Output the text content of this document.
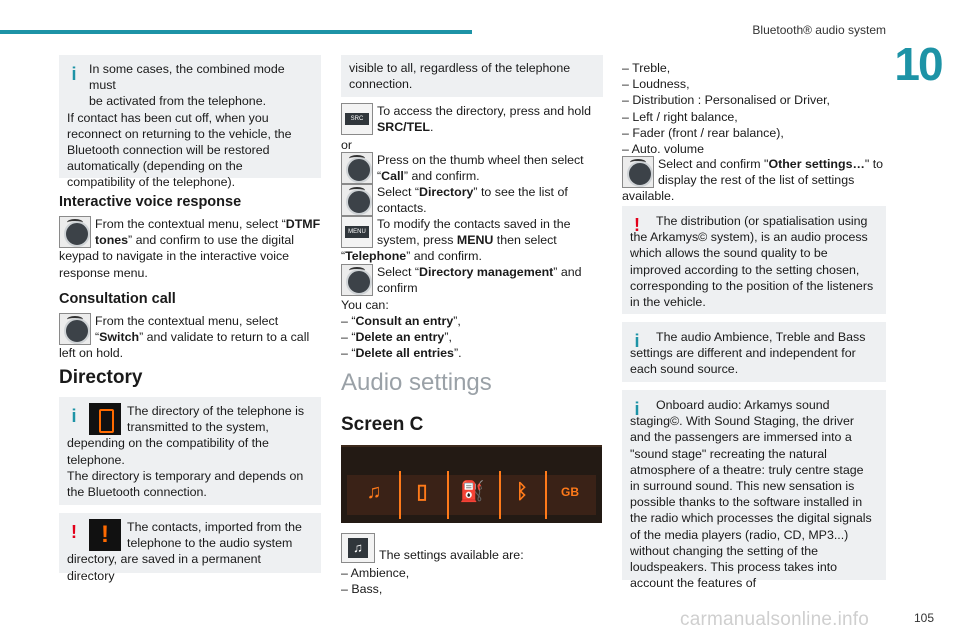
Bluetooth® audio system
10
i	In some cases, the combined mode must

be activated from the telephone.

If contact has been cut off, when you reconnect on returning to the vehicle, the Bluetooth connection will be restored automatically (depending on the compatibility of the telephone).

Interactive voice response
From the contextual menu, select “DTMF tones” and confirm to use the digital keypad to navigate in the interactive voice response menu.
Consultation call
From the contextual menu, select “Switch” and validate to return to a call left on hold.
Directory
i	The directory of the telephone is transmitted to the system, depending on the compatibility of the telephone.

The directory is temporary and depends on the Bluetooth connection.

!
!	The contacts, imported from the telephone to the audio system directory, are saved in a permanent directory

visible to all, regardless of the telephone connection.

SRC
To access the directory, press and hold SRC/TEL.
or
Press on the thumb wheel then select “Call” and confirm.
Select “Directory” to see the list of contacts.
MENU
To modify the contacts saved in the system, press MENU then select “Telephone” and confirm.
Select “Directory management” and confirm
You can:
– “Consult an entry”,
– “Delete an entry”,
– “Delete all entries”.
Audio settings
Screen C
♫	▯	⛽	ᛒ	GB
♫	The settings available are:
– Ambience,
– Bass,
– Treble,
– Loudness,
– Distribution : Personalised or Driver,
– Left / right balance,
– Fader (front / rear balance),
– Auto. volume
Select and confirm "Other settings…" to display the rest of the list of settings available.
!	The distribution (or spatialisation using the Arkamys© system), is an audio process which allows the sound quality to be improved according to the setting chosen, corresponding to the position of the listeners in the vehicle.

i	The audio Ambience, Treble and Bass settings are different and independent for each sound source.

i	Onboard audio: Arkamys sound staging©. With Sound Staging, the driver and the passengers are immersed into a "sound stage" recreating the natural atmosphere of a theatre: truly centre stage in surround sound. This new sensation is possible thanks to the software installed in the radio which processes the digital signals of the media players (radio, CD, MP3...) without changing the setting of the loudspeakers. This process takes into account the features of

carmanualsonline.info	105
